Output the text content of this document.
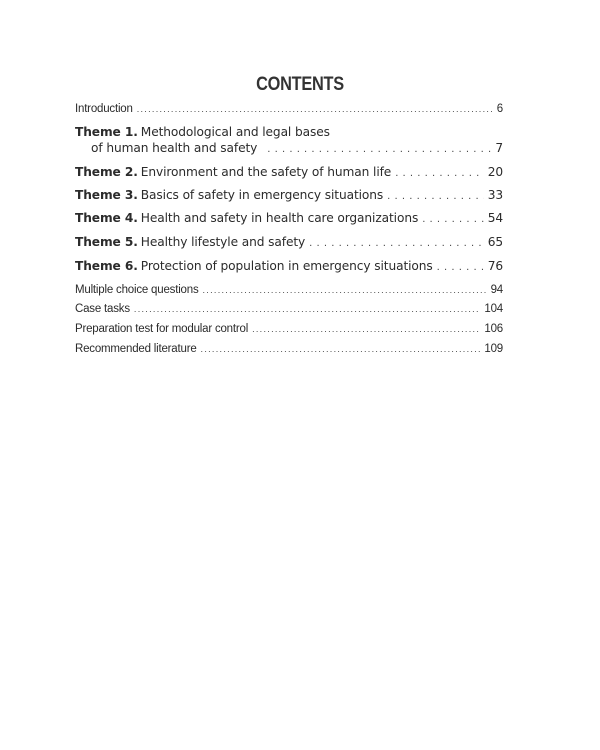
CONTENTS
Introduction . . .	6
Theme 1. Methodological and legal bases
of human health and safety . . .	7
Theme 2. Environment and the safety of human life . . .	20
Theme 3. Basics of safety in emergency situations . . .	33
Theme 4. Health and safety in health care organizations . . .	54
Theme 5. Healthy lifestyle and safety . . .	65
Theme 6. Protection of population in emergency situations . . .	76
Multiple choice questions . . .	94
Case tasks . . .	104
Preparation test for modular control . . .	106
Recommended literature . . .	109
